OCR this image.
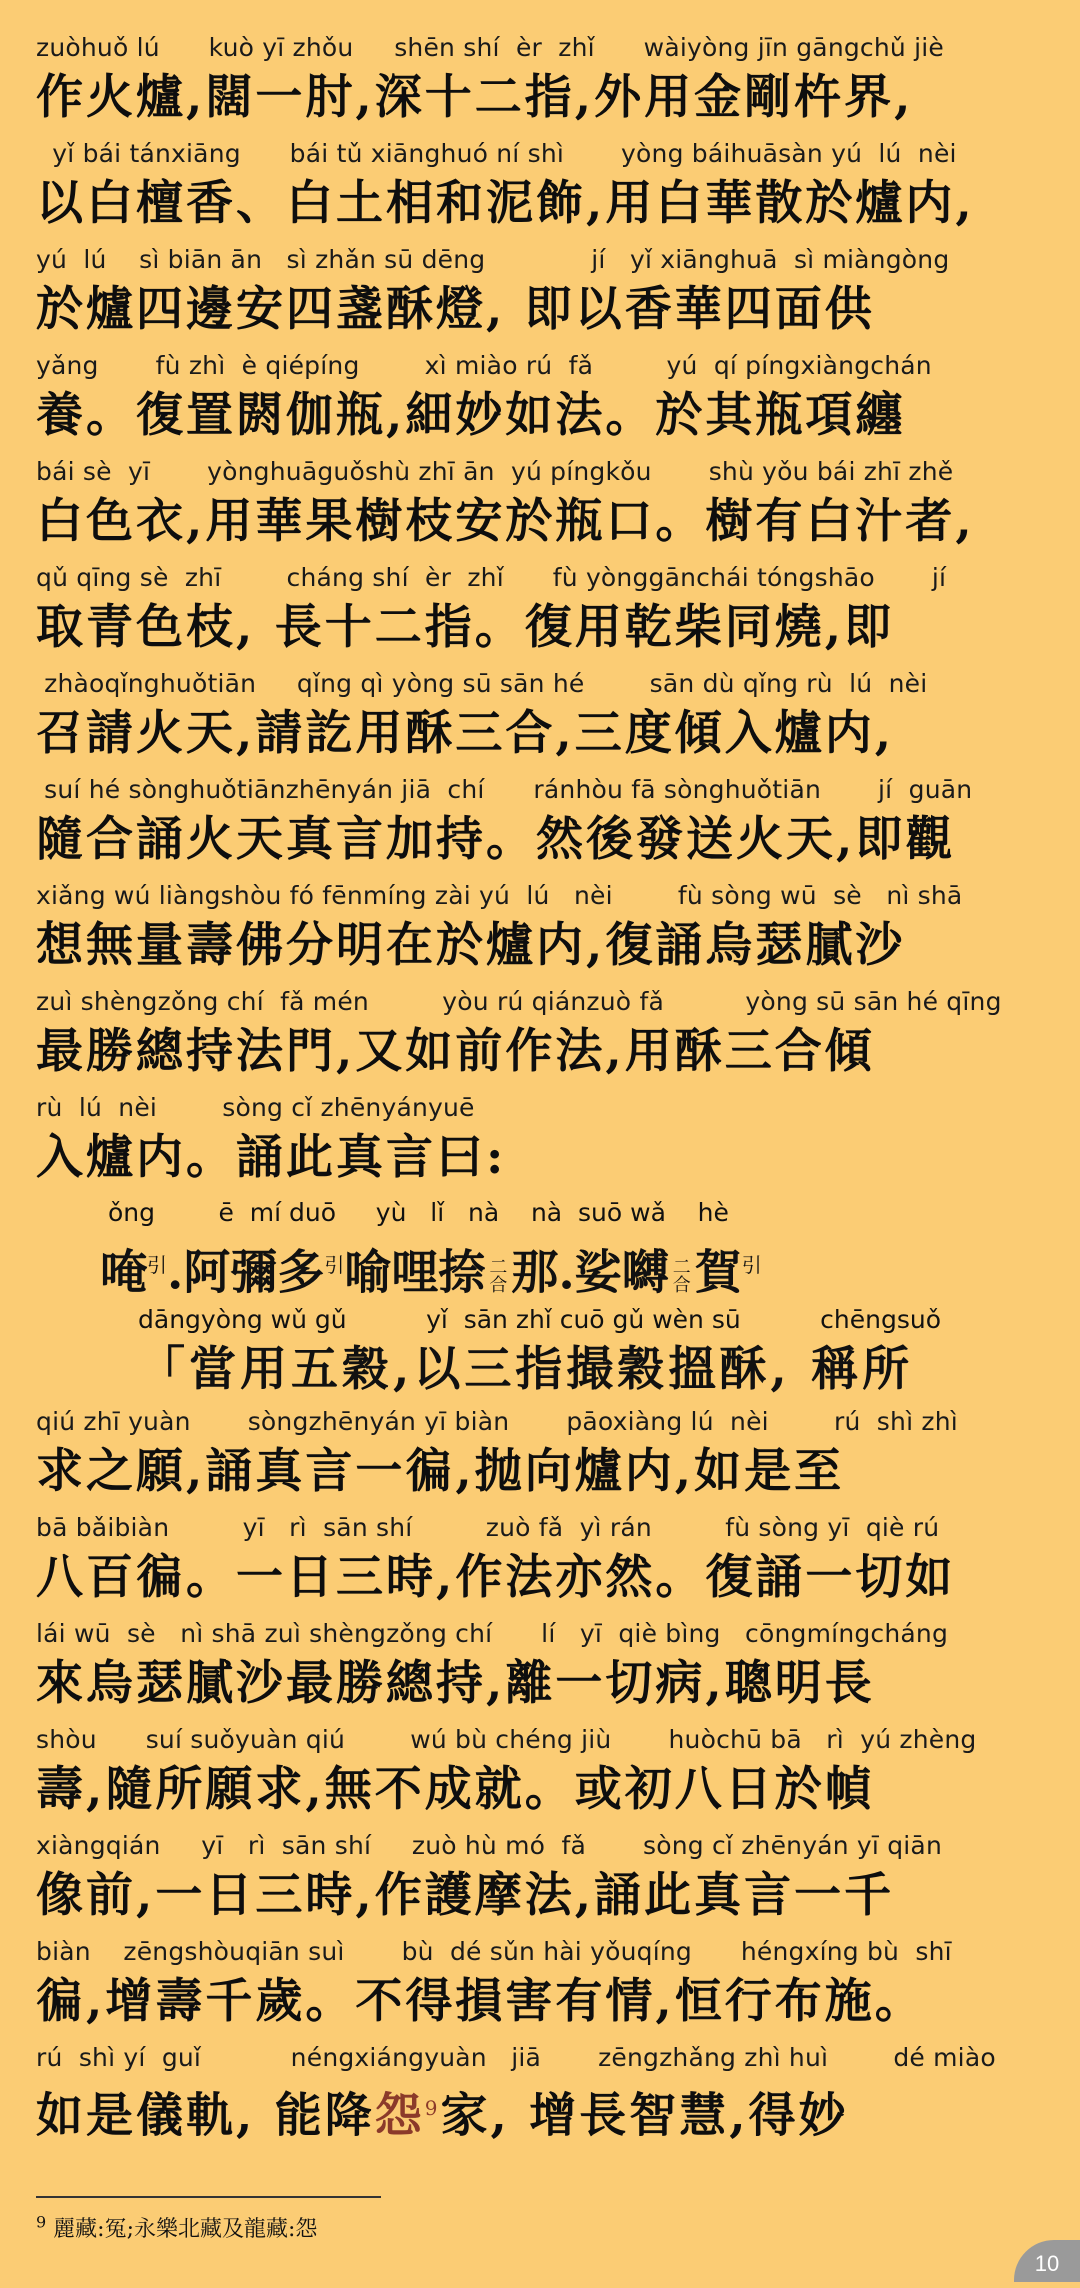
zuòhuǒ lú      kuò yī zhǒu     shēn shí  èr  zhǐ      wàiyòng jīn gāngchǔ jiè
作火爐,闊一肘,深十二指,外用金剛杵界,
yǐ bái tánxiāng      bái tǔ xiānghuó ní shì       yòng báihuāsàn yú  lú  nèi
以白檀香、白土相和泥飾,用白華散於爐内,
yú  lú    sì biān ān   sì zhǎn sū dēng             jí   yǐ xiānghuā  sì miàngòng
於爐四邊安四盞酥燈, 即以香華四面供
yǎng       fù zhì  è qiépíng        xì miào rú  fǎ         yú  qí píngxiàngchán
養。復置閼伽瓶,細妙如法。於其瓶項纏
bái sè  yī       yònghuāguǒshù zhī ān  yú píngkǒu       shù yǒu bái zhī zhě
白色衣,用華果樹枝安於瓶口。樹有白汁者,
qǔ qīng sè  zhī        cháng shí  èr  zhǐ      fù yònggānchái tóngshāo       jí
取青色枝, 長十二指。復用乾柴同燒,即
zhàoqǐnghuǒtiān     qǐng qì yòng sū sān hé        sān dù qǐng rù  lú  nèi
召請火天,請訖用酥三合,三度傾入爐内,
suí hé sònghuǒtiānzhēnyán jiā  chí      ránhòu fā sònghuǒtiān       jí  guān
隨合誦火天真言加持。然後發送火天,即觀
xiǎng wú liàngshòu fó fēnmíng zài yú  lú   nèi        fù sòng wū  sè   nì shā
想無量壽佛分明在於爐内,復誦烏瑟膩沙
zuì shèngzǒng chí  fǎ mén         yòu rú qiánzuò fǎ          yòng sū sān hé qīng
最勝總持法門,又如前作法,用酥三合傾
rù  lú  nèi        sòng cǐ zhēnyányuē
入爐内。誦此真言曰:
ǒng        ē  mí duō     yù   lǐ   nà    nà  suō wǎ    hè
唵$^引$.阿彌多$^引$喻哩捺 二
合那.娑嚩 二
合賀$^引$
dāngyòng wǔ gǔ          yǐ  sān zhǐ cuō gǔ wèn sū          chēngsuǒ
「當用五穀,以三指撮穀搵酥, 稱所
qiú zhī yuàn       sòngzhēnyán yī biàn       pāoxiàng lú  nèi        rú  shì zhì
求之願,誦真言一徧,抛向爐内,如是至
bā bǎibiàn         yī   rì  sān shí         zuò fǎ  yì rán         fù sòng yī  qiè rú
八百徧。一日三時,作法亦然。復誦一切如
lái wū  sè   nì shā zuì shèngzǒng chí      lí   yī  qiè bìng   cōngmíngcháng
來烏瑟膩沙最勝總持,離一切病,聰明長
shòu      suí suǒyuàn qiú        wú bù chéng jiù       huòchū bā   rì  yú zhèng
壽,隨所願求,無不成就。或初八日於幀
xiàngqián     yī   rì  sān shí     zuò hù mó  fǎ       sòng cǐ zhēnyán yī qiān
像前,一日三時,作護摩法,誦此真言一千
biàn    zēngshòuqiān suì       bù  dé sǔn hài yǒuqíng      héngxíng bù  shī
徧,增壽千歲。不得損害有情,恒行布施。
rú  shì yí  guǐ           néngxiángyuàn   jiā       zēngzhǎng zhì huì        dé miào
如是儀軌, 能降怨$^9$家, 增長智慧,得妙
$^9$ 麗藏:冤;永樂北藏及龍藏:怨
10
